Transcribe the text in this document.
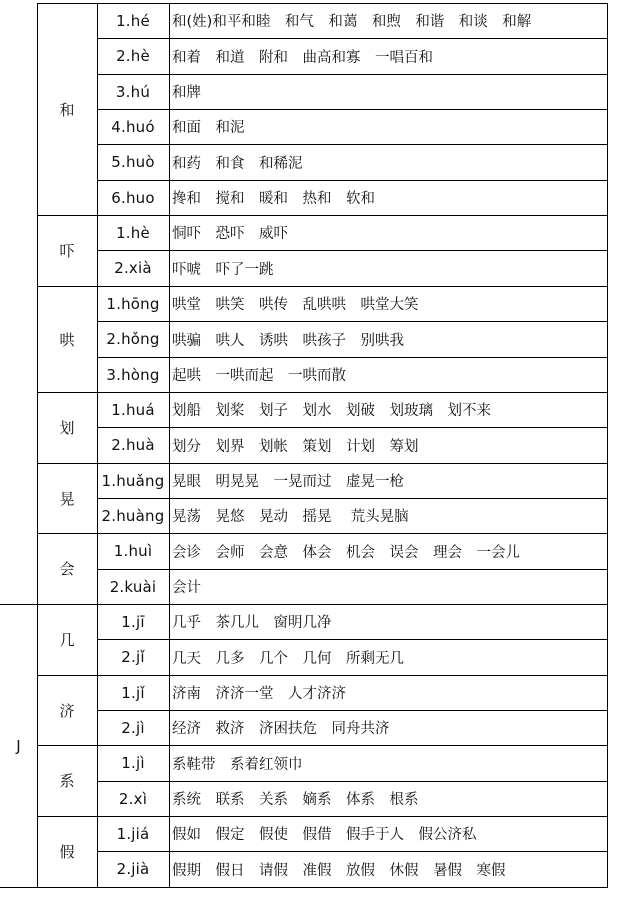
1.hé	和(姓)和平和睦　和气　和蔼　和煦　和谐　和谈　和解
2.hè	和着　和道　附和　曲高和寡　一唱百和
3.hú	和牌
4.huó	和面　和泥
5.huò	和药　和食　和稀泥
6.huo	搀和　搅和　暖和　热和　软和
和
1.hè	恫吓　恐吓　威吓
2.xià	吓唬　吓了一跳
吓
1.hōng 哄堂　哄笑　哄传　乱哄哄　哄堂大笑
2.hǒng 哄骗　哄人　诱哄　哄孩子　别哄我
3.hòng 起哄　一哄而起　一哄而散
哄
1.huá	划船　划桨　划子　划水　划破　划玻璃　划不来
2.huà	划分　划界　划帐　策划　计划　筹划
划
1.huǎng 晃眼　明晃晃　一晃而过　虚晃一枪
2.huàng 晃荡　晃悠　晃动　摇晃　 荒头晃脑
晃
1.huì	会诊　会师　会意　体会　机会　误会　理会　一会儿
2.kuài	会计
会
1.jī	几乎　茶几儿　窗明几净
2.jǐ	几天　几多　几个　几何　所剩无几
几
1.jǐ	济南　济济一堂　人才济济
2.jì	经济　救济　济困扶危　同舟共济
济
1.jì	系鞋带　系着红领巾
2.xì	系统　联系　关系　嫡系　体系　根系
系
1.jiá	假如　假定　假使　假借　假手于人　假公济私
2.jià	假期　假日　请假　准假　放假　休假　暑假　寒假
假
J
